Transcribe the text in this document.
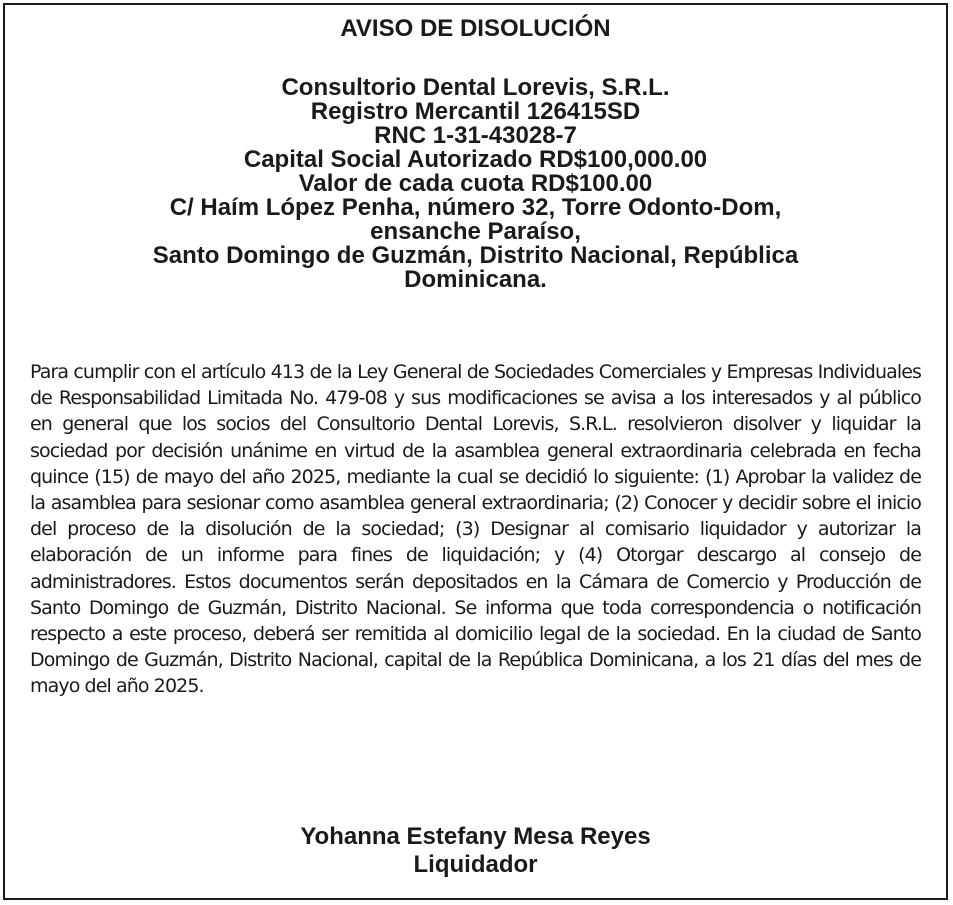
AVISO DE DISOLUCIÓN
Consultorio Dental Lorevis, S.R.L.
Registro Mercantil 126415SD
RNC 1-31-43028-7
Capital Social Autorizado RD$100,000.00
Valor de cada cuota RD$100.00
C/ Haím López Penha, número 32, Torre Odonto-Dom,
ensanche Paraíso,
Santo Domingo de Guzmán, Distrito Nacional, República
Dominicana.

Para cumplir con el artículo 413 de la Ley General de Sociedades Comerciales y Empresas Individuales de Responsabilidad Limitada No. 479-08 y sus modificaciones se avisa a los interesados y al público en general que los socios del Consultorio Dental Lorevis, S.R.L. resolvieron disolver y liquidar la sociedad por decisión unánime en virtud de la asamblea general extraordinaria celebrada en fecha quince (15) de mayo del año 2025, mediante la cual se decidió lo siguiente: (1) Aprobar la validez de la asamblea para sesionar como asamblea general extraordinaria; (2) Conocer y decidir sobre el inicio del proceso de la disolución de la sociedad; (3) Designar al comisario liquidador y autorizar la elaboración de un informe para fines de liquidación; y (4) Otorgar descargo al consejo de administradores. Estos documentos serán depositados en la Cámara de Comercio y Producción de Santo Domingo de Guzmán, Distrito Nacional. Se informa que toda correspondencia o notificación respecto a este proceso, deberá ser remitida al domicilio legal de la sociedad. En la ciudad de Santo Domingo de Guzmán, Distrito Nacional, capital de la República Dominicana, a los 21 días del mes de mayo del año 2025.

Yohanna Estefany Mesa Reyes
Liquidador
